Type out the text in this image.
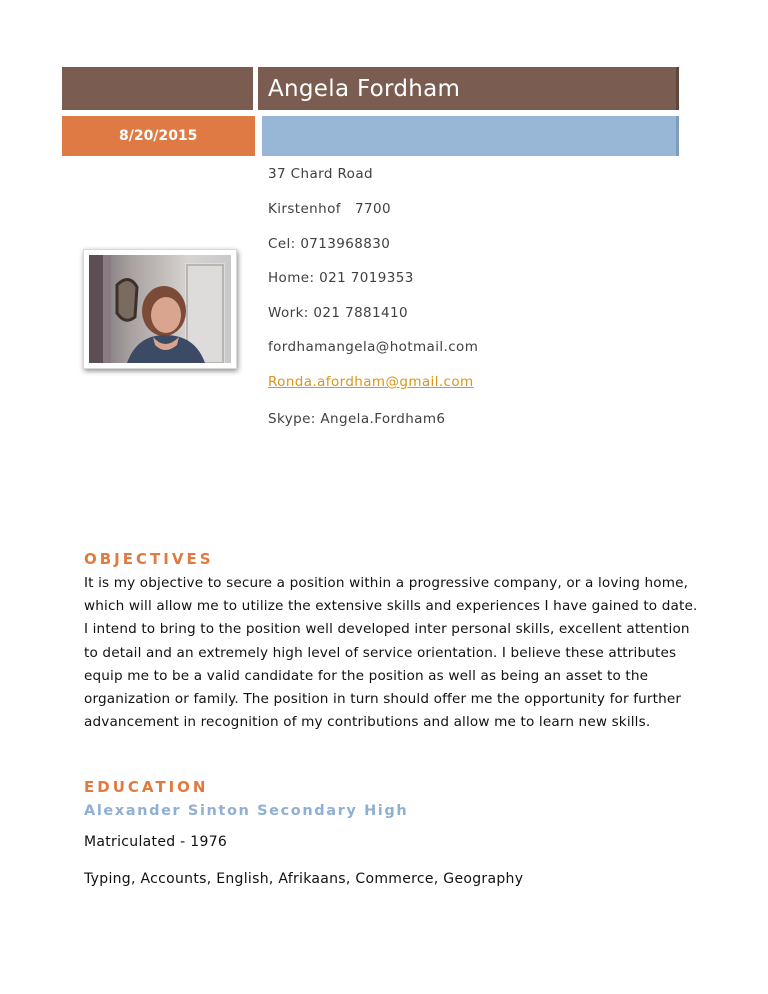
Angela Fordham
8/20/2015
37 Chard Road
Kirstenhof   7700
Cel: 0713968830
Home: 021 7019353
Work: 021 7881410
fordhamangela@hotmail.com
Ronda.afordham@gmail.com
Skype: Angela.Fordham6
OBJECTIVES
It is my objective to secure a position within a progressive company, or a loving home, which will allow me to utilize the extensive skills and experiences I have gained to date. I intend to bring to the position well developed inter personal skills, excellent attention to detail and an extremely high level of service orientation. I believe these attributes equip me to be a valid candidate for the position as well as being an asset to the organization or family. The position in turn should offer me the opportunity for further advancement in recognition of my contributions and allow me to learn new skills.
EDUCATION
Alexander Sinton Secondary High
Matriculated - 1976
Typing, Accounts, English, Afrikaans, Commerce, Geography
